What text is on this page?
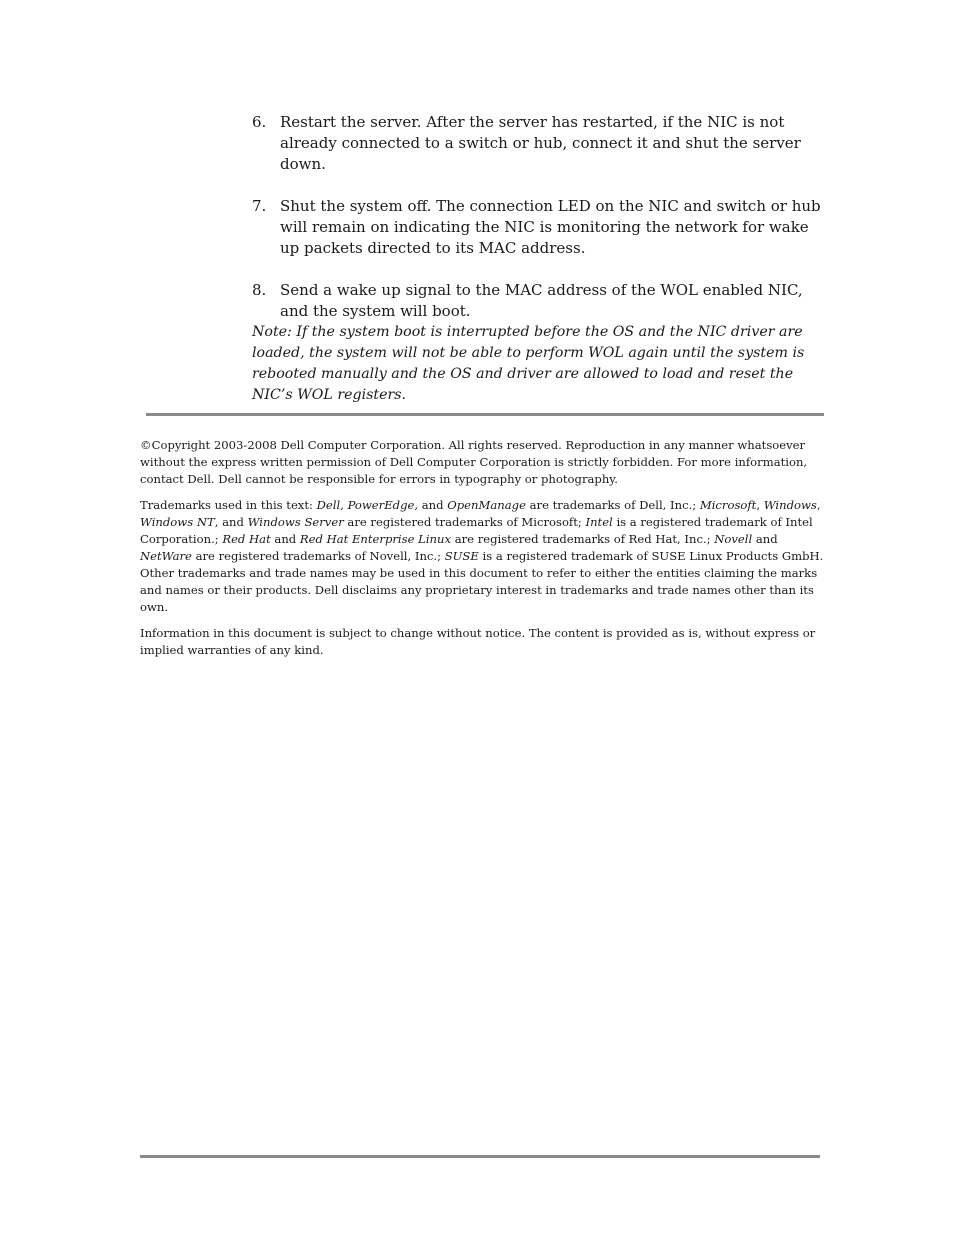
6. Restart the server. After the server has restarted, if the NIC is not already connected to a switch or hub, connect it and shut the server down.
7. Shut the system off. The connection LED on the NIC and switch or hub will remain on indicating the NIC is monitoring the network for wake up packets directed to its MAC address.
8. Send a wake up signal to the MAC address of the WOL enabled NIC, and the system will boot.

Note: If the system boot is interrupted before the OS and the NIC driver are loaded, the system will not be able to perform WOL again until the system is rebooted manually and the OS and driver are allowed to load and reset the NIC’s WOL registers.

©Copyright 2003-2008 Dell Computer Corporation. All rights reserved. Reproduction in any manner whatsoever without the express written permission of Dell Computer Corporation is strictly forbidden. For more information, contact Dell. Dell cannot be responsible for errors in typography or photography.

Trademarks used in this text: Dell, PowerEdge, and OpenManage are trademarks of Dell, Inc.; Microsoft, Windows, Windows NT, and Windows Server are registered trademarks of Microsoft; Intel is a registered trademark of Intel Corporation.; Red Hat and Red Hat Enterprise Linux are registered trademarks of Red Hat, Inc.; Novell and NetWare are registered trademarks of Novell, Inc.; SUSE is a registered trademark of SUSE Linux Products GmbH. Other trademarks and trade names may be used in this document to refer to either the entities claiming the marks and names or their products. Dell disclaims any proprietary interest in trademarks and trade names other than its own.

Information in this document is subject to change without notice. The content is provided as is, without express or implied warranties of any kind.
